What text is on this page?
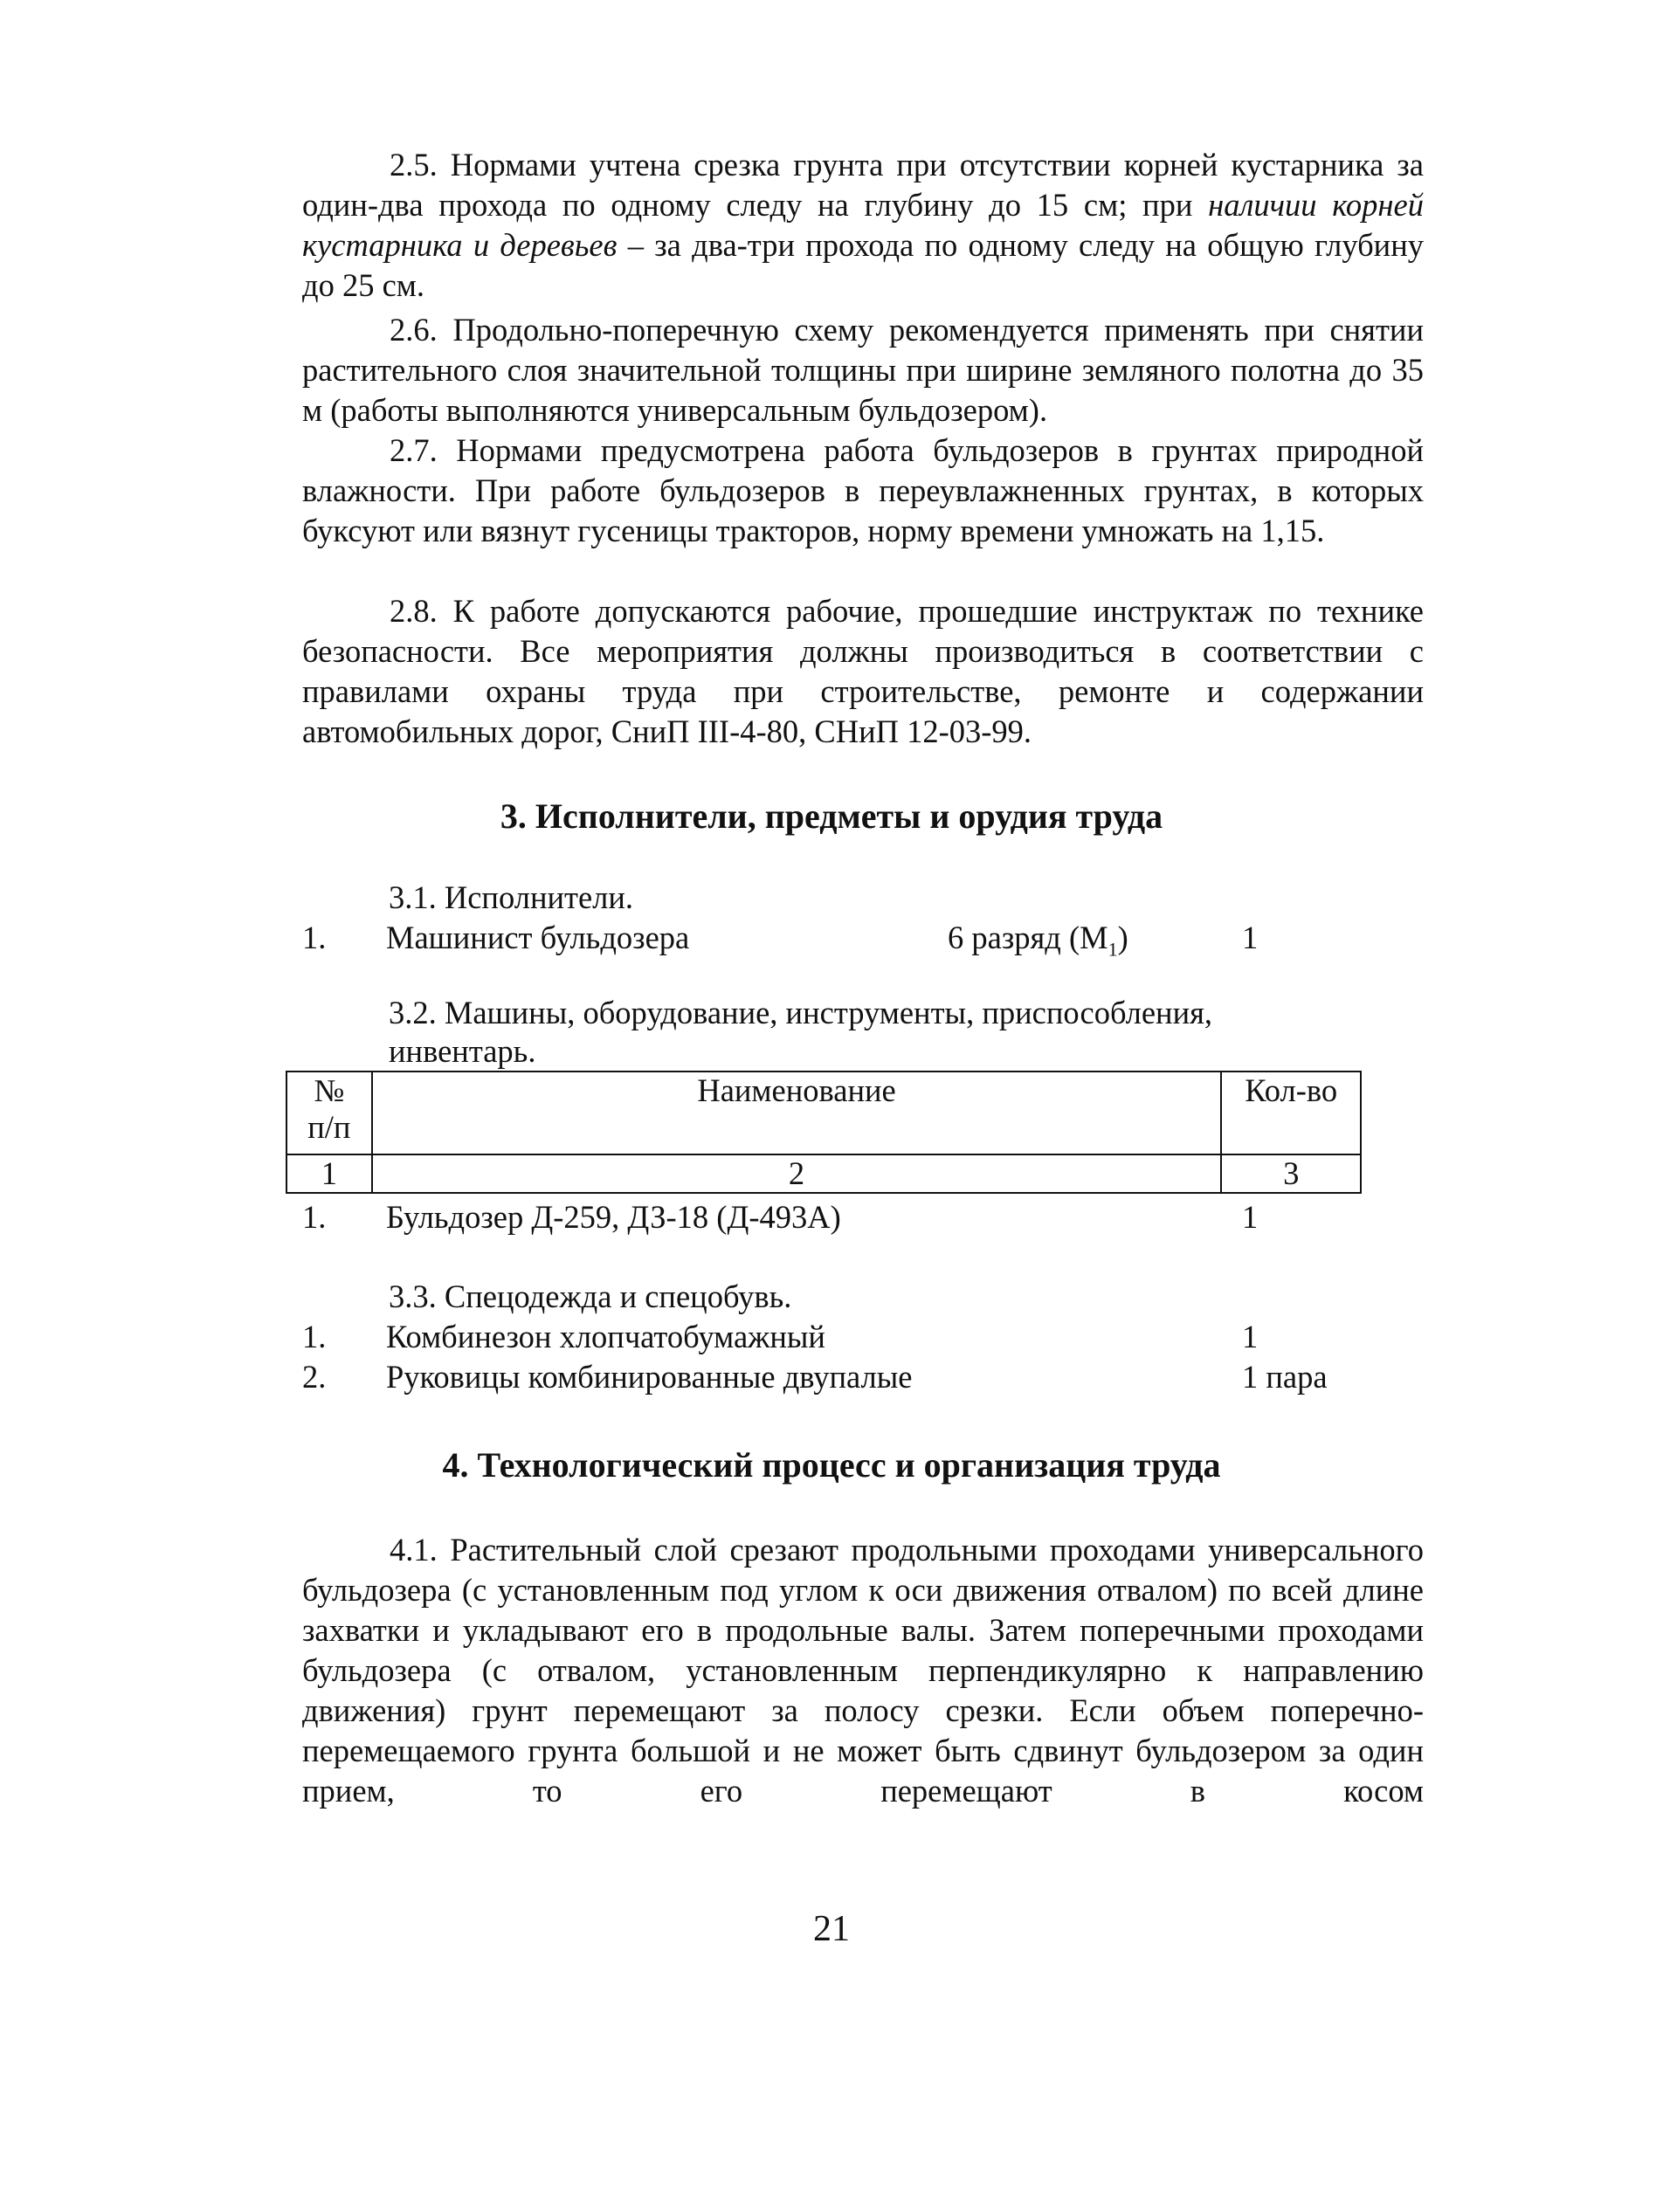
2.5. Нормами учтена срезка грунта при отсутствии корней кустарника за один-два прохода по одному следу на глубину до 15 см; при наличии корней кустарника и деревьев – за два-три прохода по одному следу на общую глубину до 25 см.
2.6. Продольно-поперечную схему рекомендуется применять при снятии растительного слоя значительной толщины при ширине земляного полотна до 35 м (работы выполняются универсальным бульдозером).
2.7. Нормами предусмотрена работа бульдозеров в грунтах природной влажности. При работе бульдозеров в переувлажненных грунтах, в которых буксуют или вязнут гусеницы тракторов, норму времени умножать на 1,15.
2.8. К работе допускаются рабочие, прошедшие инструктаж по технике безопасности. Все мероприятия должны производиться в соответствии с правилами охраны труда при строительстве, ремонте и содержании автомобильных дорог, СниП III-4-80, СНиП 12-03-99.
3. Исполнители, предметы и орудия труда
3.1. Исполнители.
1. Машинист бульдозера	6 разряд $(М_1)$	1
3.2. Машины, оборудование, инструменты, приспособления,
инвентарь.
№
п/п	Наименование	Кол-во
1	2	3
1. Бульдозер Д-259, ДЗ-18 (Д-493А)	1
3.3. Спецодежда и спецобувь.
1. Комбинезон хлопчатобумажный	1
2. Руковицы комбинированные двупалые	1 пара
4. Технологический процесс и организация труда
4.1. Растительный слой срезают продольными проходами универсального бульдозера (с установленным под углом к оси движения отвалом) по всей длине захватки и укладывают его в продольные валы. Затем поперечными проходами бульдозера (с отвалом, установленным перпендикулярно к направлению движения) грунт перемещают за полосу срезки. Если объем поперечно-перемещаемого грунта большой и не может быть сдвинут бульдозером за один прием, то его перемещают в косом
21
